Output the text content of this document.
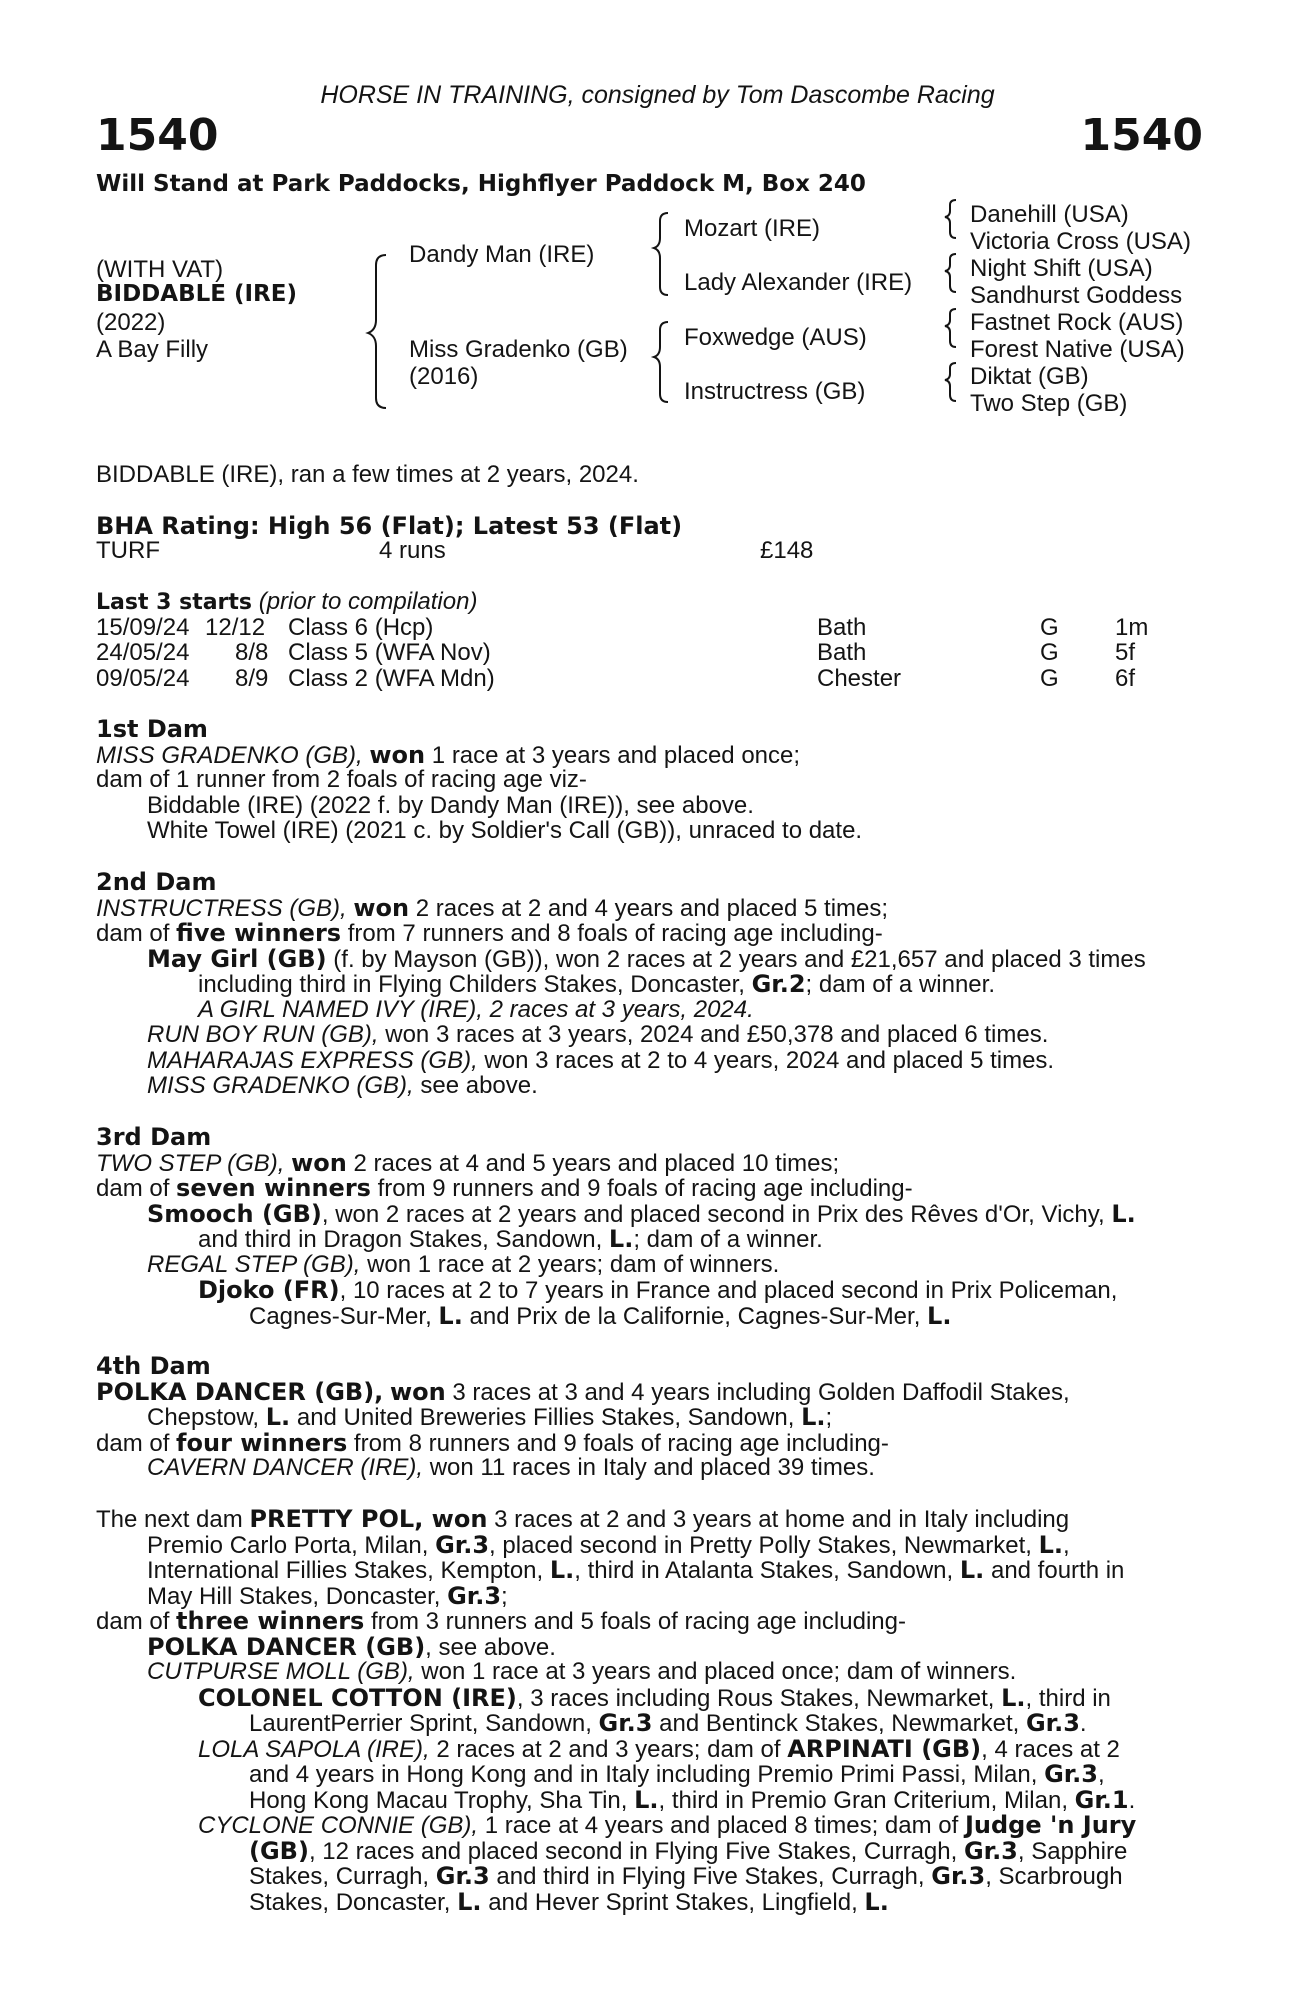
HORSE IN TRAINING, consigned by Tom Dascombe Racing
1540	1540
Will Stand at Park Paddocks, Highflyer Paddock M, Box 240
(WITH VAT)
BIDDABLE (IRE)
(2022)
A Bay Filly
Dandy Man (IRE)
Miss Gradenko (GB)
(2016)
Mozart (IRE)
Lady Alexander (IRE)
Foxwedge (AUS)
Instructress (GB)
Danehill (USA)
Victoria Cross (USA)
Night Shift (USA)
Sandhurst Goddess
Fastnet Rock (AUS)
Forest Native (USA)
Diktat (GB)
Two Step (GB)
BIDDABLE (IRE), ran a few times at 2 years, 2024.
BHA Rating: High 56 (Flat); Latest 53 (Flat)
TURF	4 runs	£148
Last 3 starts (prior to compilation)
15/09/24 12/12 Class 6 (Hcp)	Bath	G 1m
24/05/24 8/8 Class 5 (WFA Nov)	Bath	G 5f
09/05/24 8/9 Class 2 (WFA Mdn)	Chester	G 6f
1st Dam
MISS GRADENKO (GB), won 1 race at 3 years and placed once;
dam of 1 runner from 2 foals of racing age viz-
Biddable (IRE) (2022 f. by Dandy Man (IRE)), see above.
White Towel (IRE) (2021 c. by Soldier's Call (GB)), unraced to date.
2nd Dam
INSTRUCTRESS (GB), won 2 races at 2 and 4 years and placed 5 times;
dam of five winners from 7 runners and 8 foals of racing age including-
May Girl (GB) (f. by Mayson (GB)), won 2 races at 2 years and £21,657 and placed 3 times
including third in Flying Childers Stakes, Doncaster, Gr.2; dam of a winner.
A GIRL NAMED IVY (IRE), 2 races at 3 years, 2024.
RUN BOY RUN (GB), won 3 races at 3 years, 2024 and £50,378 and placed 6 times.
MAHARAJAS EXPRESS (GB), won 3 races at 2 to 4 years, 2024 and placed 5 times.
MISS GRADENKO (GB), see above.
3rd Dam
TWO STEP (GB), won 2 races at 4 and 5 years and placed 10 times;
dam of seven winners from 9 runners and 9 foals of racing age including-
Smooch (GB), won 2 races at 2 years and placed second in Prix des Rêves d'Or, Vichy, L.
and third in Dragon Stakes, Sandown, L.; dam of a winner.
REGAL STEP (GB), won 1 race at 2 years; dam of winners.
Djoko (FR), 10 races at 2 to 7 years in France and placed second in Prix Policeman,
Cagnes-Sur-Mer, L. and Prix de la Californie, Cagnes-Sur-Mer, L.
4th Dam
POLKA DANCER (GB), won 3 races at 3 and 4 years including Golden Daffodil Stakes,
Chepstow, L. and United Breweries Fillies Stakes, Sandown, L.;
dam of four winners from 8 runners and 9 foals of racing age including-
CAVERN DANCER (IRE), won 11 races in Italy and placed 39 times.
The next dam PRETTY POL, won 3 races at 2 and 3 years at home and in Italy including
Premio Carlo Porta, Milan, Gr.3, placed second in Pretty Polly Stakes, Newmarket, L.,
International Fillies Stakes, Kempton, L., third in Atalanta Stakes, Sandown, L. and fourth in
May Hill Stakes, Doncaster, Gr.3;
dam of three winners from 3 runners and 5 foals of racing age including-
POLKA DANCER (GB), see above.
CUTPURSE MOLL (GB), won 1 race at 3 years and placed once; dam of winners.
COLONEL COTTON (IRE), 3 races including Rous Stakes, Newmarket, L., third in
LaurentPerrier Sprint, Sandown, Gr.3 and Bentinck Stakes, Newmarket, Gr.3.
LOLA SAPOLA (IRE), 2 races at 2 and 3 years; dam of ARPINATI (GB), 4 races at 2
and 4 years in Hong Kong and in Italy including Premio Primi Passi, Milan, Gr.3,
Hong Kong Macau Trophy, Sha Tin, L., third in Premio Gran Criterium, Milan, Gr.1.
CYCLONE CONNIE (GB), 1 race at 4 years and placed 8 times; dam of Judge 'n Jury
(GB), 12 races and placed second in Flying Five Stakes, Curragh, Gr.3, Sapphire
Stakes, Curragh, Gr.3 and third in Flying Five Stakes, Curragh, Gr.3, Scarbrough
Stakes, Doncaster, L. and Hever Sprint Stakes, Lingfield, L.
